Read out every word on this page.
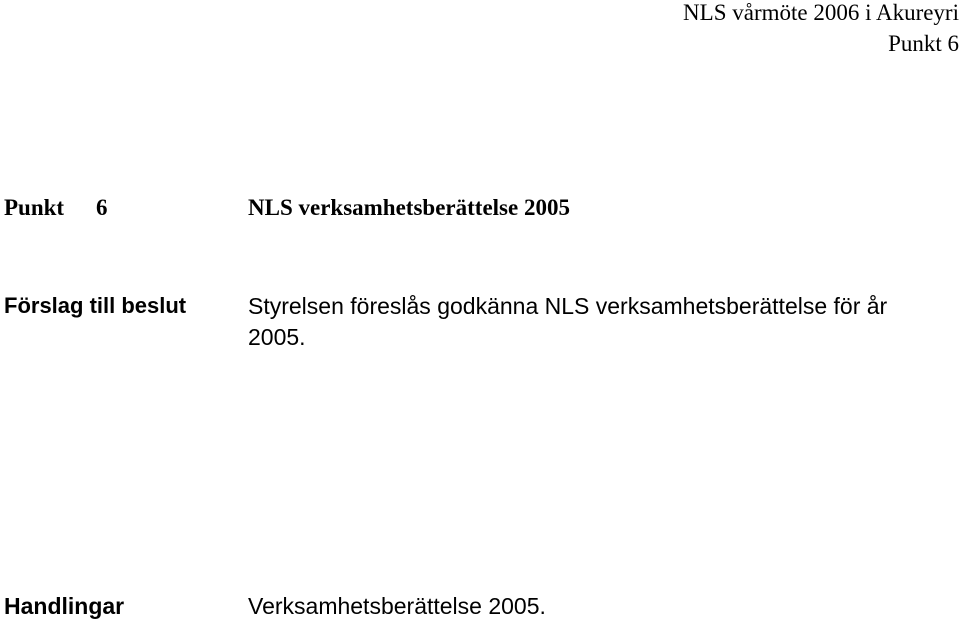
NLS vårmöte 2006 i Akureyri
Punkt 6
Punkt 6	NLS verksamhetsberättelse 2005
Förslag till beslut	Styrelsen föreslås godkänna NLS verksamhetsberättelse för år 2005.
Handlingar	Verksamhetsberättelse 2005.
